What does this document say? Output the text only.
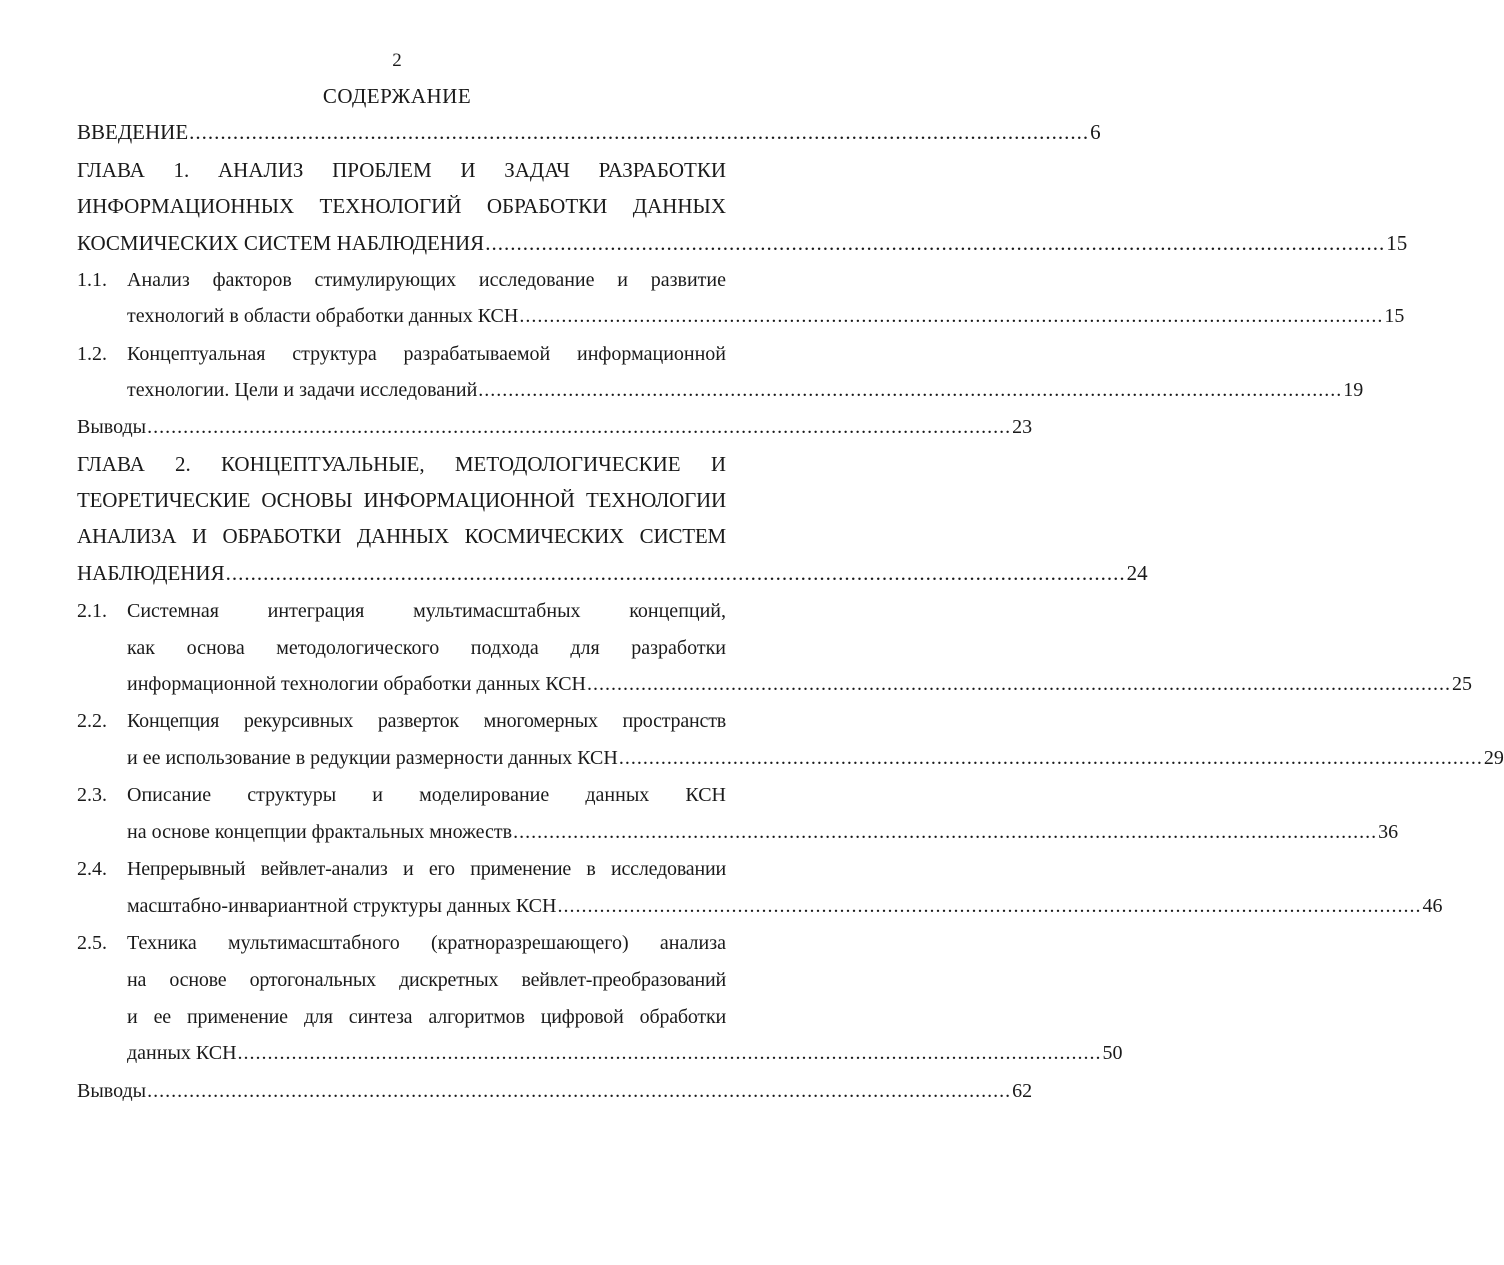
2
СОДЕРЖАНИЕ
ВВЕДЕНИЕ ................................................................................................................................................ 6
ГЛАВА 1. АНАЛИЗ ПРОБЛЕМ И ЗАДАЧ РАЗРАБОТКИ
ИНФОРМАЦИОННЫХ ТЕХНОЛОГИЙ ОБРАБОТКИ ДАННЫХ
КОСМИЧЕСКИХ СИСТЕМ НАБЛЮДЕНИЯ ................................................................................................................................................ 15
1.1. Анализ факторов стимулирующих исследование и развитие
технологий в области обработки данных КСН ................................................................................................................................................ 15
1.2. Концептуальная структура разрабатываемой информационной
технологии. Цели и задачи исследований ................................................................................................................................................ 19
Выводы ................................................................................................................................................ 23
ГЛАВА 2. КОНЦЕПТУАЛЬНЫЕ, МЕТОДОЛОГИЧЕСКИЕ И
ТЕОРЕТИЧЕСКИЕ ОСНОВЫ ИНФОРМАЦИОННОЙ ТЕХНОЛОГИИ
АНАЛИЗА И ОБРАБОТКИ ДАННЫХ КОСМИЧЕСКИХ СИСТЕМ
НАБЛЮДЕНИЯ ................................................................................................................................................ 24
2.1. Системная интеграция мультимасштабных концепций,
как основа методологического подхода для разработки
информационной технологии обработки данных КСН ................................................................................................................................................ 25
2.2. Концепция рекурсивных разверток многомерных пространств
и ее использование в редукции размерности данных КСН ................................................................................................................................................ 29
2.3. Описание структуры и моделирование данных КСН
на основе концепции фрактальных множеств ................................................................................................................................................ 36
2.4. Непрерывный вейвлет-анализ и его применение в исследовании
масштабно-инвариантной структуры данных КСН ................................................................................................................................................ 46
2.5. Техника мультимасштабного (кратноразрешающего) анализа
на основе ортогональных дискретных вейвлет-преобразований
и ее применение для синтеза алгоритмов цифровой обработки
данных КСН ................................................................................................................................................ 50
Выводы ................................................................................................................................................ 62
